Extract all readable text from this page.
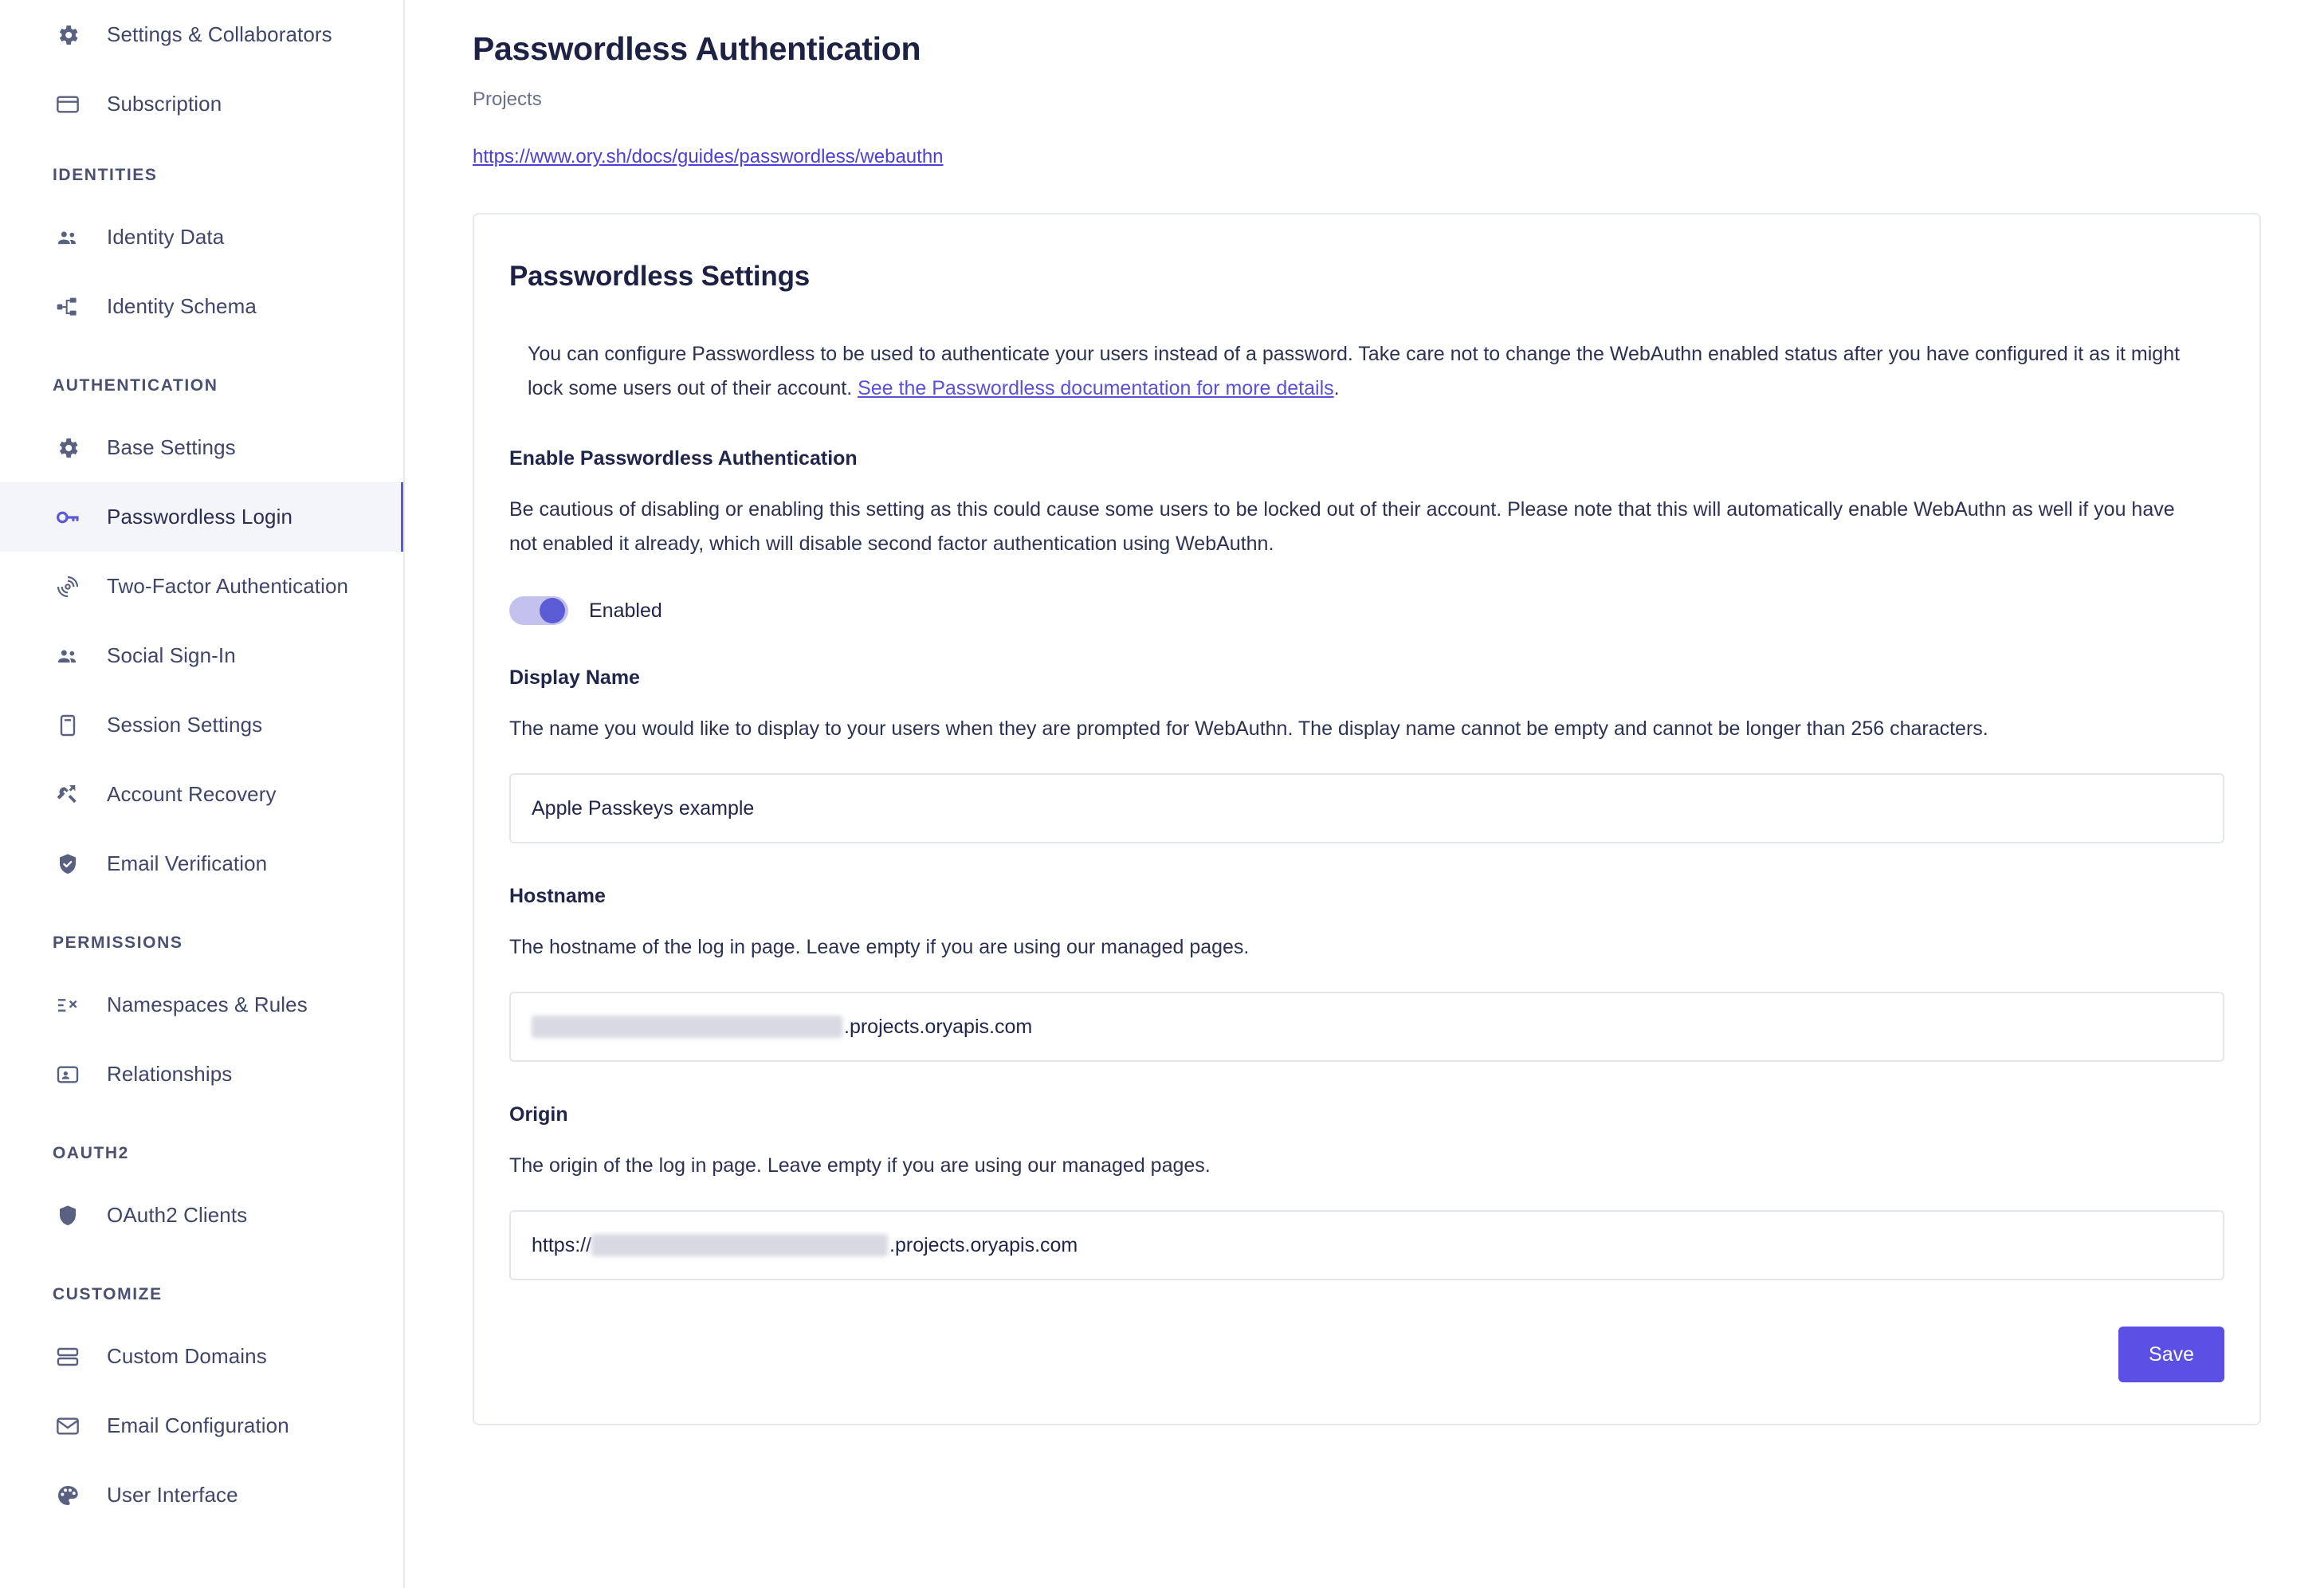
Settings & Collaborators
Subscription
IDENTITIES
Identity Data
Identity Schema
AUTHENTICATION
Base Settings
Passwordless Login
Two-Factor Authentication
Social Sign-In
Session Settings
Account Recovery
Email Verification
PERMISSIONS
Namespaces & Rules
Relationships
OAUTH2
OAuth2 Clients
CUSTOMIZE
Custom Domains
Email Configuration
User Interface
Passwordless Authentication
Projects
https://www.ory.sh/docs/guides/passwordless/webauthn
Passwordless Settings

You can configure Passwordless to be used to authenticate your users instead of a password. Take care not to change the WebAuthn enabled status after you have configured it as it might lock some users out of their account. See the Passwordless documentation for more details.

Enable Passwordless Authentication

Be cautious of disabling or enabling this setting as this could cause some users to be locked out of their account. Please note that this will automatically enable WebAuthn as well if you have not enabled it already, which will disable second factor authentication using WebAuthn.

Enabled
Display Name

The name you would like to display to your users when they are prompted for WebAuthn. The display name cannot be empty and cannot be longer than 256 characters.

Apple Passkeys example
Hostname

The hostname of the log in page. Leave empty if you are using our managed pages.

.projects.oryapis.com
Origin

The origin of the log in page. Leave empty if you are using our managed pages.

https://	.projects.oryapis.com
Save
